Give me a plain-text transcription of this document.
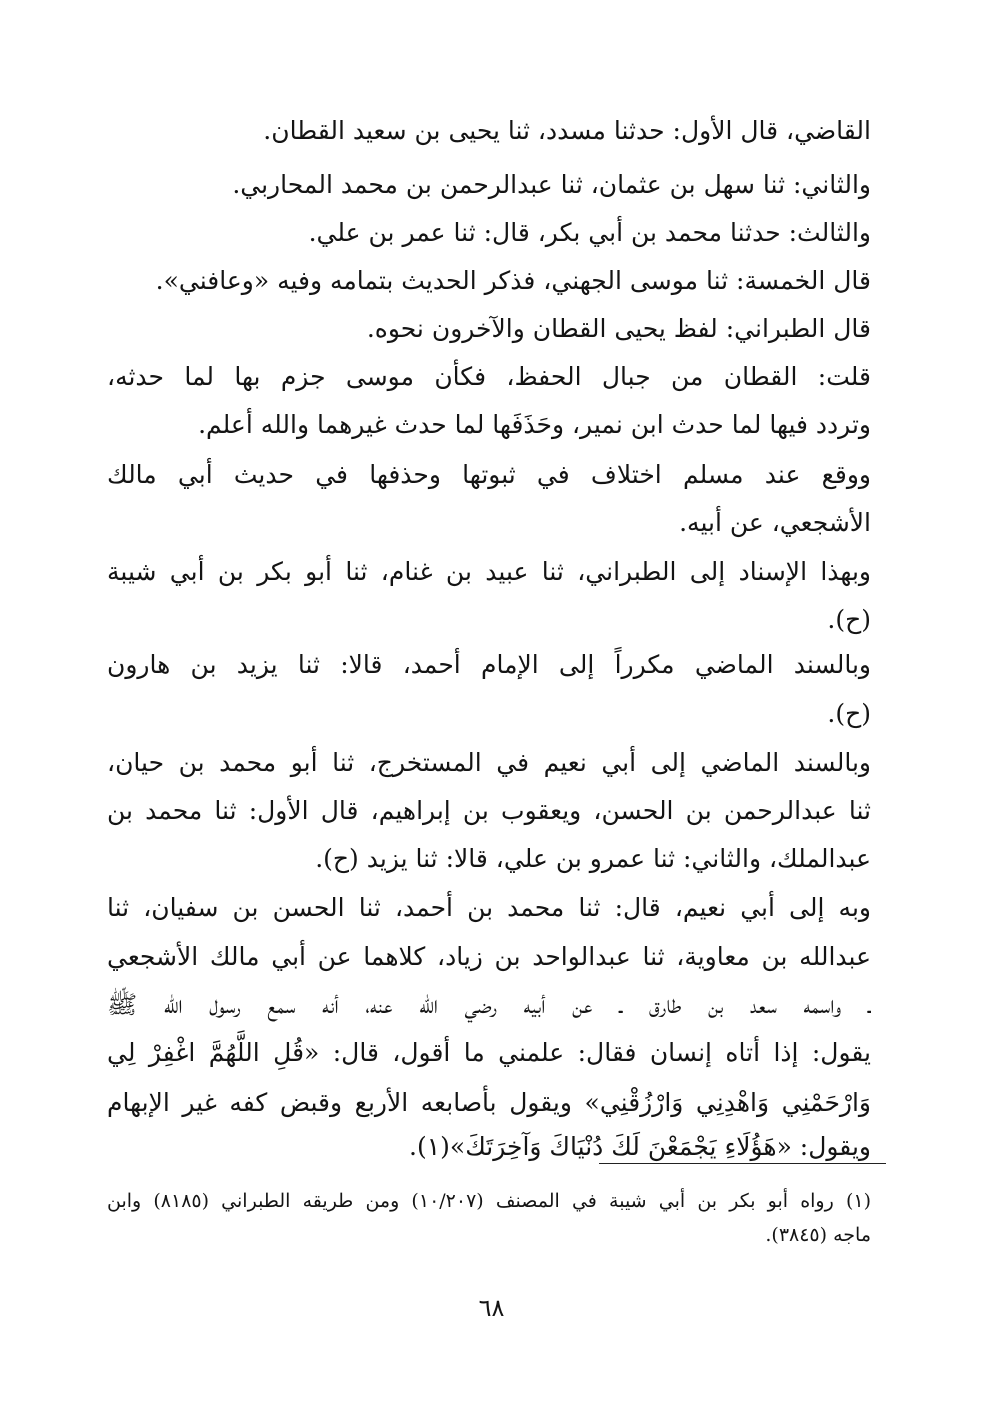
القاضي، قال الأول: حدثنا مسدد، ثنا يحيى بن سعيد القطان.
والثاني: ثنا سهل بن عثمان، ثنا عبدالرحمن بن محمد المحاربي.
والثالث: حدثنا محمد بن أبي بكر، قال: ثنا عمر بن علي.
قال الخمسة: ثنا موسى الجهني، فذكر الحديث بتمامه وفيه «وعافني».
قال الطبراني: لفظ يحيى القطان والآخرون نحوه.
قلت: القطان من جبال الحفظ، فكأن موسى جزم بها لما حدثه،
وتردد فيها لما حدث ابن نمير، وحَذَفَها لما حدث غيرهما والله أعلم.
ووقع عند مسلم اختلاف في ثبوتها وحذفها في حديث أبي مالك
الأشجعي، عن أبيه.
وبهذا الإسناد إلى الطبراني، ثنا عبيد بن غنام، ثنا أبو بكر بن أبي شيبة
(ح).
وبالسند الماضي مكرراً إلى الإمام أحمد، قالا: ثنا يزيد بن هارون
(ح).
وبالسند الماضي إلى أبي نعيم في المستخرج، ثنا أبو محمد بن حيان،
ثنا عبدالرحمن بن الحسن، ويعقوب بن إبراهيم، قال الأول: ثنا محمد بن
عبدالملك، والثاني: ثنا عمرو بن علي، قالا: ثنا يزيد (ح).
وبه إلى أبي نعيم، قال: ثنا محمد بن أحمد، ثنا الحسن بن سفيان، ثنا
عبدالله بن معاوية، ثنا عبدالواحد بن زياد، كلاهما عن أبي مالك الأشجعي
ـ واسمه سعد بن طارق ـ عن أبيه رضي الله عنه، أنه سمع رسول الله ﷺ
يقول: إذا أتاه إنسان فقال: علمني ما أقول، قال: «قُلِ اللَّهُمَّ اغْفِرْ لِي
وَارْحَمْنِي وَاهْدِنِي وَارْزُقْنِي» ويقول بأصابعه الأربع وقبض كفه غير الإبهام
ويقول: «هَؤُلَاءِ يَجْمَعْنَ لَكَ دُنْيَاكَ وَآخِرَتَكَ»(١).
(١) رواه أبو بكر بن أبي شيبة في المصنف (١٠/٢٠٧) ومن طريقه الطبراني (٨١٨٥) وابن
ماجه (٣٨٤٥).
٦٨
